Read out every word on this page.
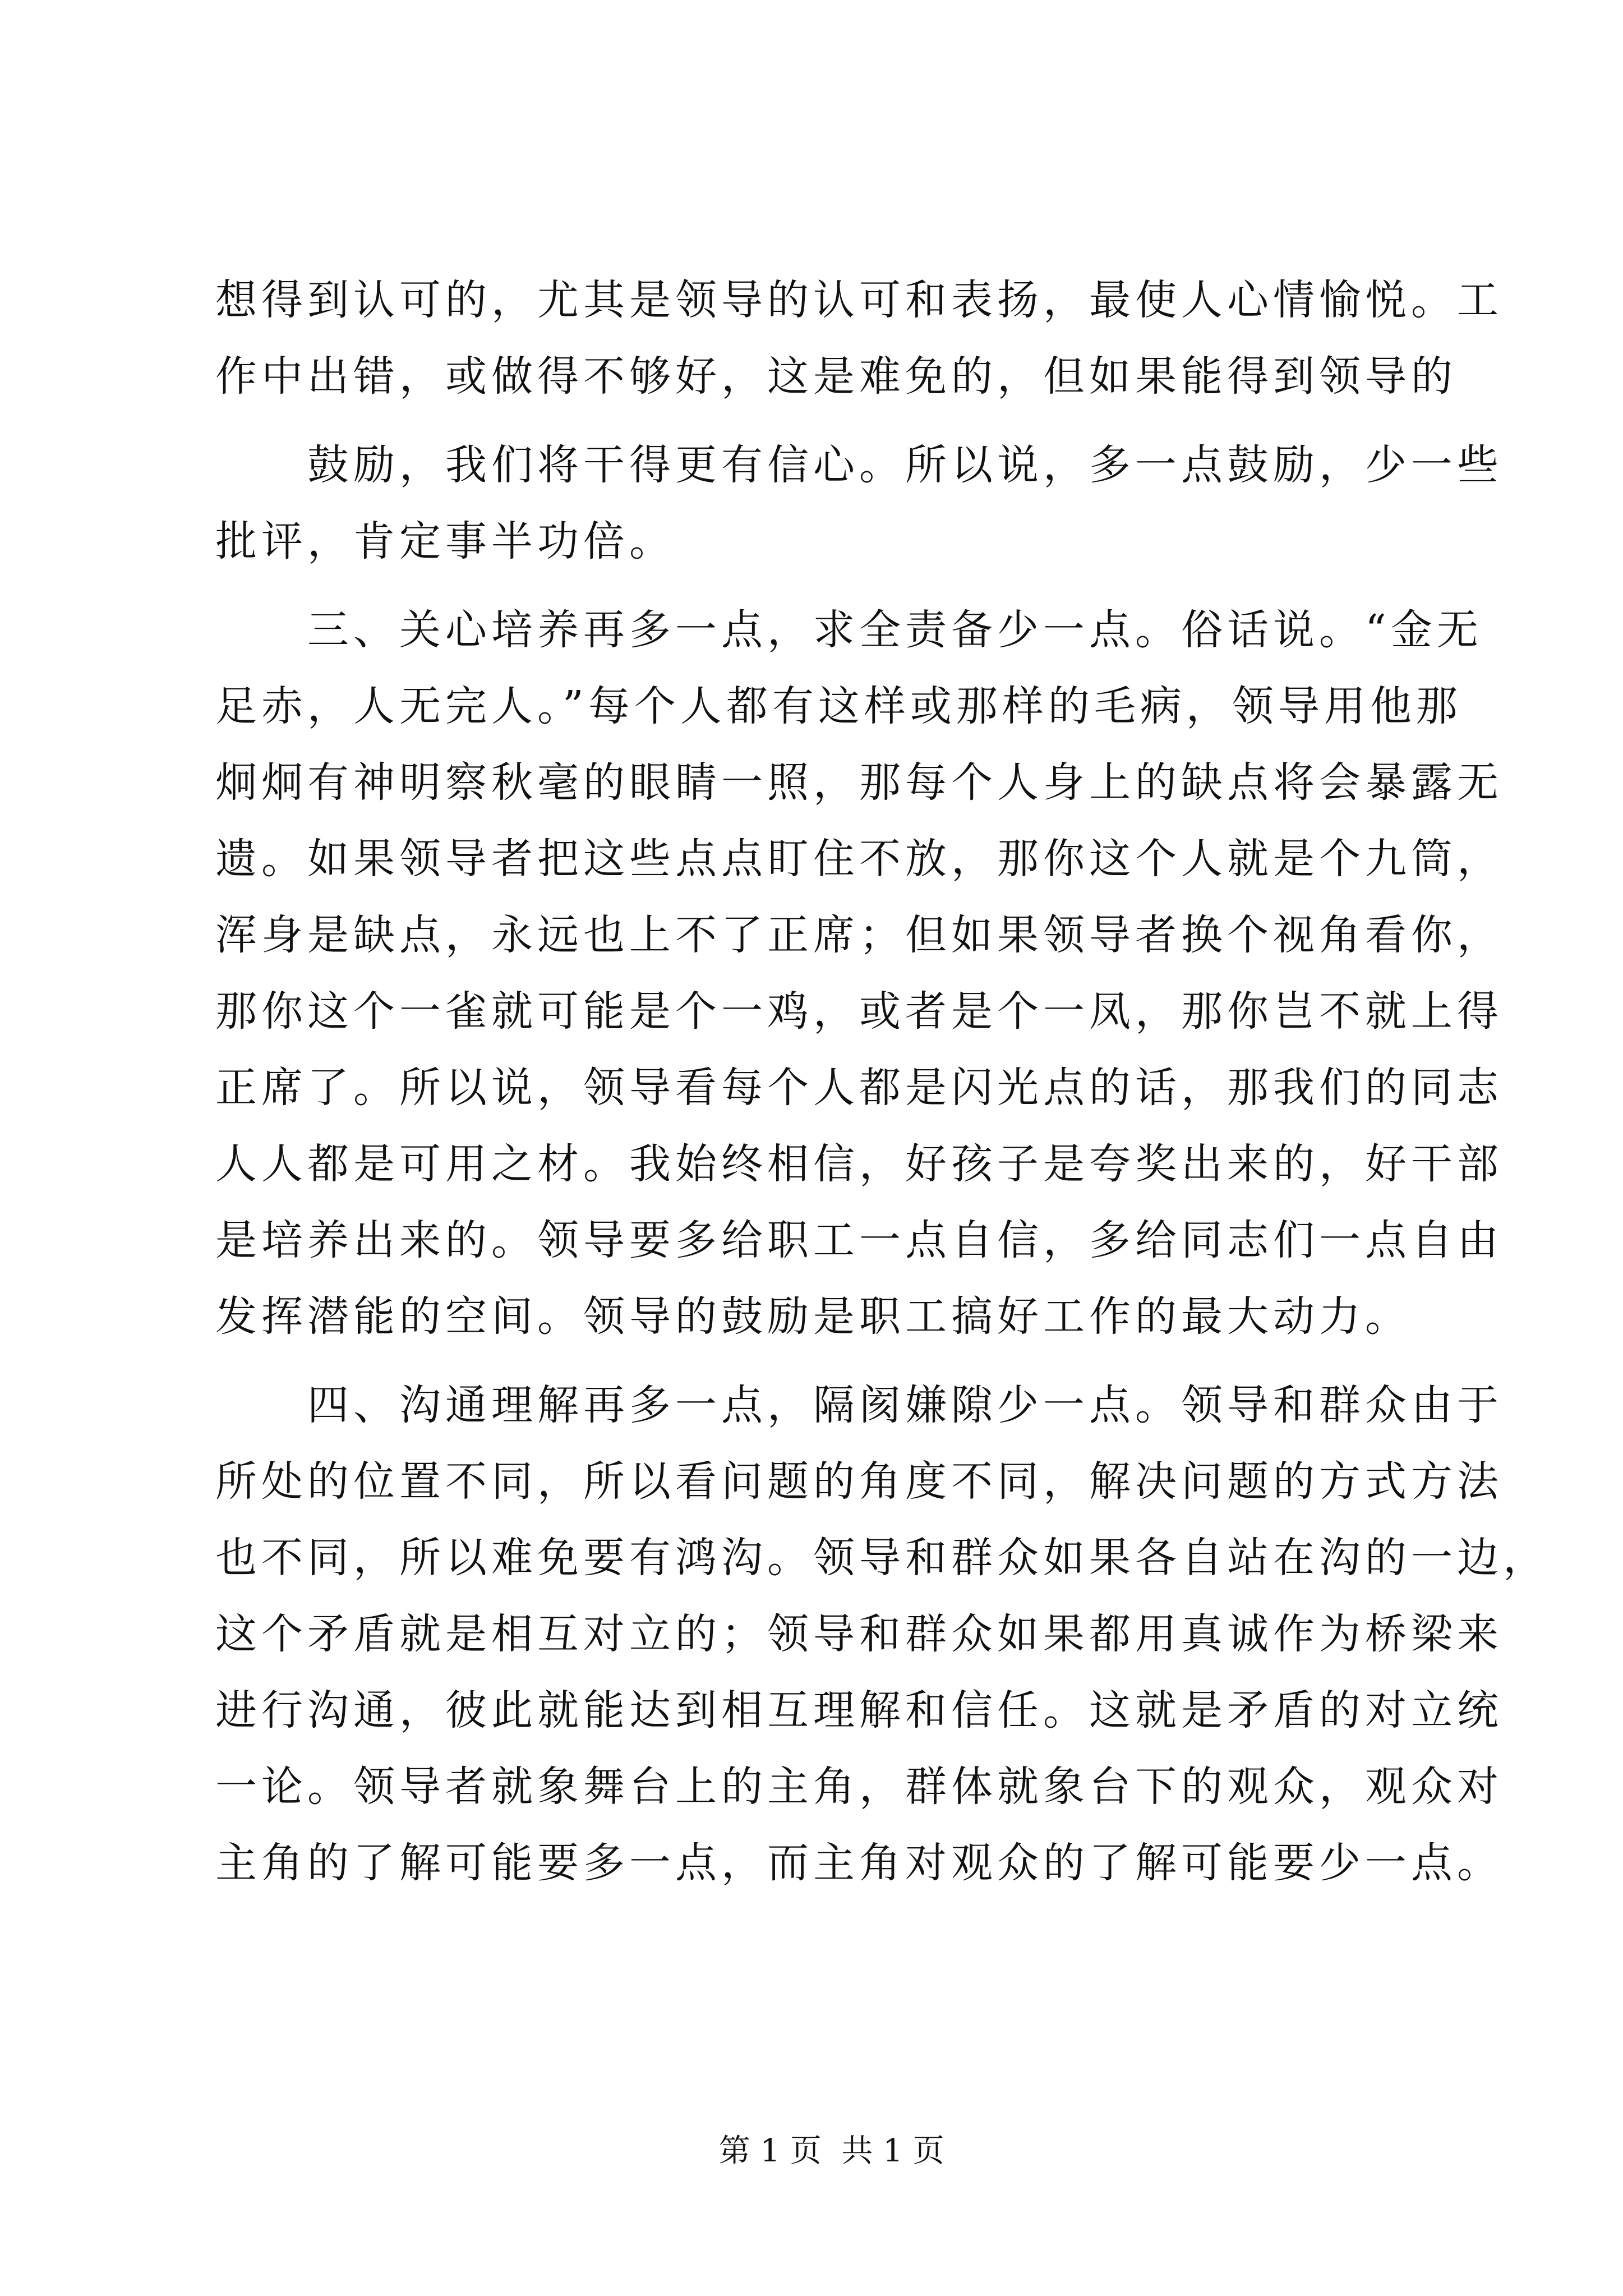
想得到认可的，尤其是领导的认可和表扬，最使人心情愉悦。工
作中出错，或做得不够好，这是难免的，但如果能得到领导的
鼓励，我们将干得更有信心。所以说，多一点鼓励，少一些
批评，肯定事半功倍。
三、关心培养再多一点，求全责备少一点。俗话说。“金无
足赤，人无完人。”每个人都有这样或那样的毛病，领导用他那
炯炯有神明察秋毫的眼睛一照，那每个人身上的缺点将会暴露无
遗。如果领导者把这些点点盯住不放，那你这个人就是个九筒，
浑身是缺点，永远也上不了正席；但如果领导者换个视角看你，
那你这个一雀就可能是个一鸡，或者是个一凤，那你岂不就上得
正席了。所以说，领导看每个人都是闪光点的话，那我们的同志
人人都是可用之材。我始终相信，好孩子是夸奖出来的，好干部
是培养出来的。领导要多给职工一点自信，多给同志们一点自由
发挥潜能的空间。领导的鼓励是职工搞好工作的最大动力。
四、沟通理解再多一点，隔阂嫌隙少一点。领导和群众由于
所处的位置不同，所以看问题的角度不同，解决问题的方式方法
也不同，所以难免要有鸿沟。领导和群众如果各自站在沟的一边，
这个矛盾就是相互对立的；领导和群众如果都用真诚作为桥梁来
进行沟通，彼此就能达到相互理解和信任。这就是矛盾的对立统
一论。领导者就象舞台上的主角，群体就象台下的观众，观众对
主角的了解可能要多一点，而主角对观众的了解可能要少一点。

第 1 页  共 1 页
